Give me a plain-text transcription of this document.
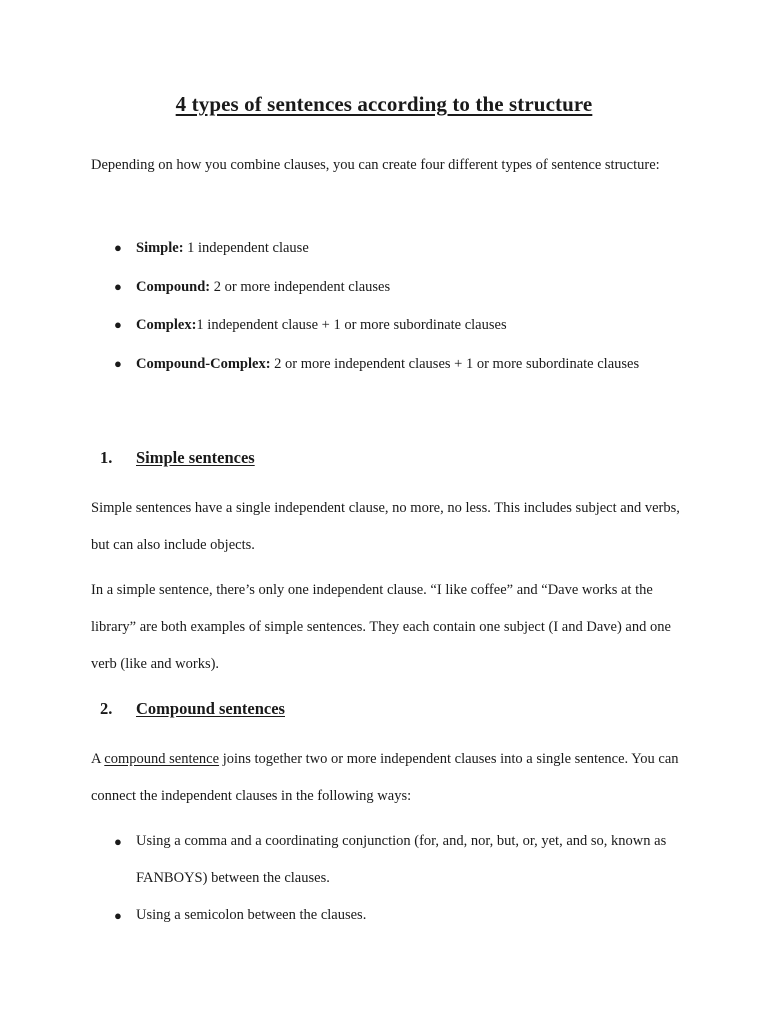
4 types of sentences according to the structure

Depending on how you combine clauses, you can create four different types of sentence structure:

● Simple: 1 independent clause
● Compound: 2 or more independent clauses
● Complex:1 independent clause + 1 or more subordinate clauses
● Compound-Complex: 2 or more independent clauses + 1 or more subordinate clauses
1. Simple sentences

Simple sentences have a single independent clause, no more, no less. This includes subject and verbs, but can also include objects.

In a simple sentence, there’s only one independent clause. “I like coffee” and “Dave works at the library” are both examples of simple sentences. They each contain one subject (I and Dave) and one verb (like and works).

2. Compound sentences

A compound sentence joins together two or more independent clauses into a single sentence. You can connect the independent clauses in the following ways:

● Using a comma and a coordinating conjunction (for, and, nor, but, or, yet, and so, known as FANBOYS) between the clauses.
● Using a semicolon between the clauses.
